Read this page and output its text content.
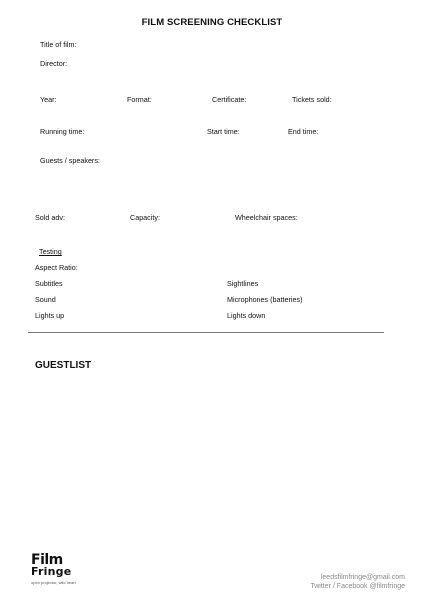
FILM SCREENING CHECKLIST
Title of film:
Director:
Year:	Format:	Certificate:	Tickets sold:
Running time:	Start time:	End time:
Guests / speakers:
Sold adv:	Capacity:	Wheelchair spaces:
Testing
Aspect Ratio:
Subtitles	Sightlines
Sound	Microphones (batteries)
Lights up	Lights down
GUESTLIST
Film
Fringe
open projector, wild heart
leedsfilmfringe@gmail.com
Twitter / Facebook @filmfringe
